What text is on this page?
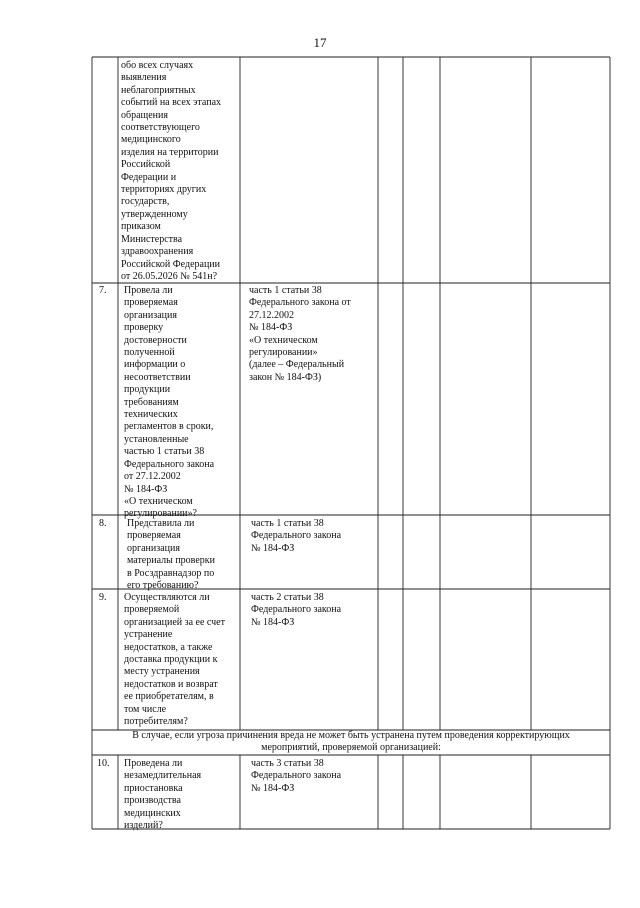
17
обо всех случаях
выявления
неблагоприятных
событий на всех этапах
обращения
соответствующего
медицинского
изделия на территории
Российской
Федерации и
территориях других
государств,
утвержденному
приказом
Министерства
здравоохранения
Российской Федерации
от 26.05.2026 № 541н?
7. Провела ли
проверяемая
организация
проверку
достоверности
полученной
информации о
несоответствии
продукции
требованиям
технических
регламентов в сроки,
установленные
частью 1 статьи 38
Федерального закона
от 27.12.2002
№ 184-ФЗ
«О техническом
регулировании»?
часть 1 статьи 38
Федерального закона от
27.12.2002
№ 184-ФЗ
«О техническом
регулировании»
(далее – Федеральный
закон № 184-ФЗ)
8. Представила ли
проверяемая
организация
материалы проверки
в Росздравнадзор по
его требованию?
часть 1 статьи 38
Федерального закона
№ 184-ФЗ
9. Осуществляются ли
проверяемой
организацией за ее счет
устранение
недостатков, а также
доставка продукции к
месту устранения
недостатков и возврат
ее приобретателям, в
том числе
потребителям?
часть 2 статьи 38
Федерального закона
№ 184-ФЗ
В случае, если угроза причинения вреда не может быть устранена путем проведения корректирующих
мероприятий, проверяемой организацией:
10. Проведена ли
незамедлительная
приостановка
производства
медицинских
изделий?
часть 3 статьи 38
Федерального закона
№ 184-ФЗ
